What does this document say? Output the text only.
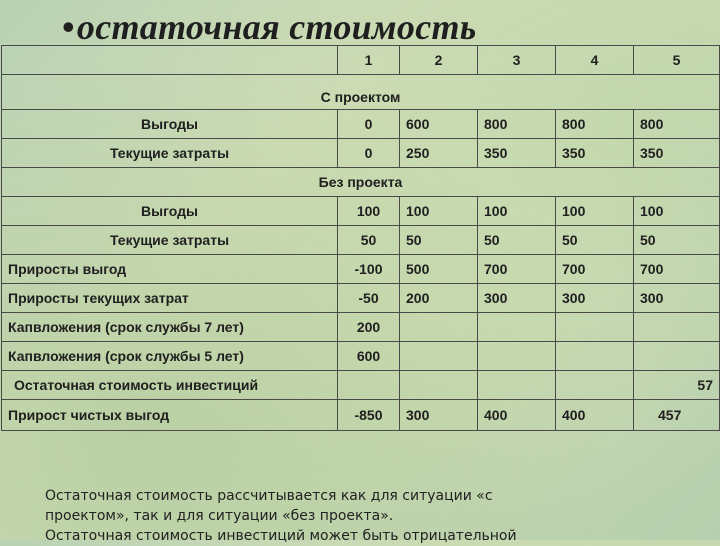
•остаточная стоимость
	1	2	3	4	5
С проектом					
Выгоды	0	600	800	800	800
Текущие затраты	0	250	350	350	350
Без проекта					
Выгоды	100	100	100	100	100
Текущие затраты	50	50	50	50	50
Приросты выгод	-100	500	700	700	700
Приросты текущих затрат	-50	200	300	300	300
Капвложения (срок службы 7 лет)	200				
Капвложения (срок службы 5 лет)	600				
Остаточная стоимость инвестиций					57
Прирост чистых выгод	-850	300	400	400	457
Остаточная стоимость рассчитывается как для ситуации «с
проектом», так и для ситуации «без проекта».
Остаточная стоимость инвестиций может быть отрицательной
